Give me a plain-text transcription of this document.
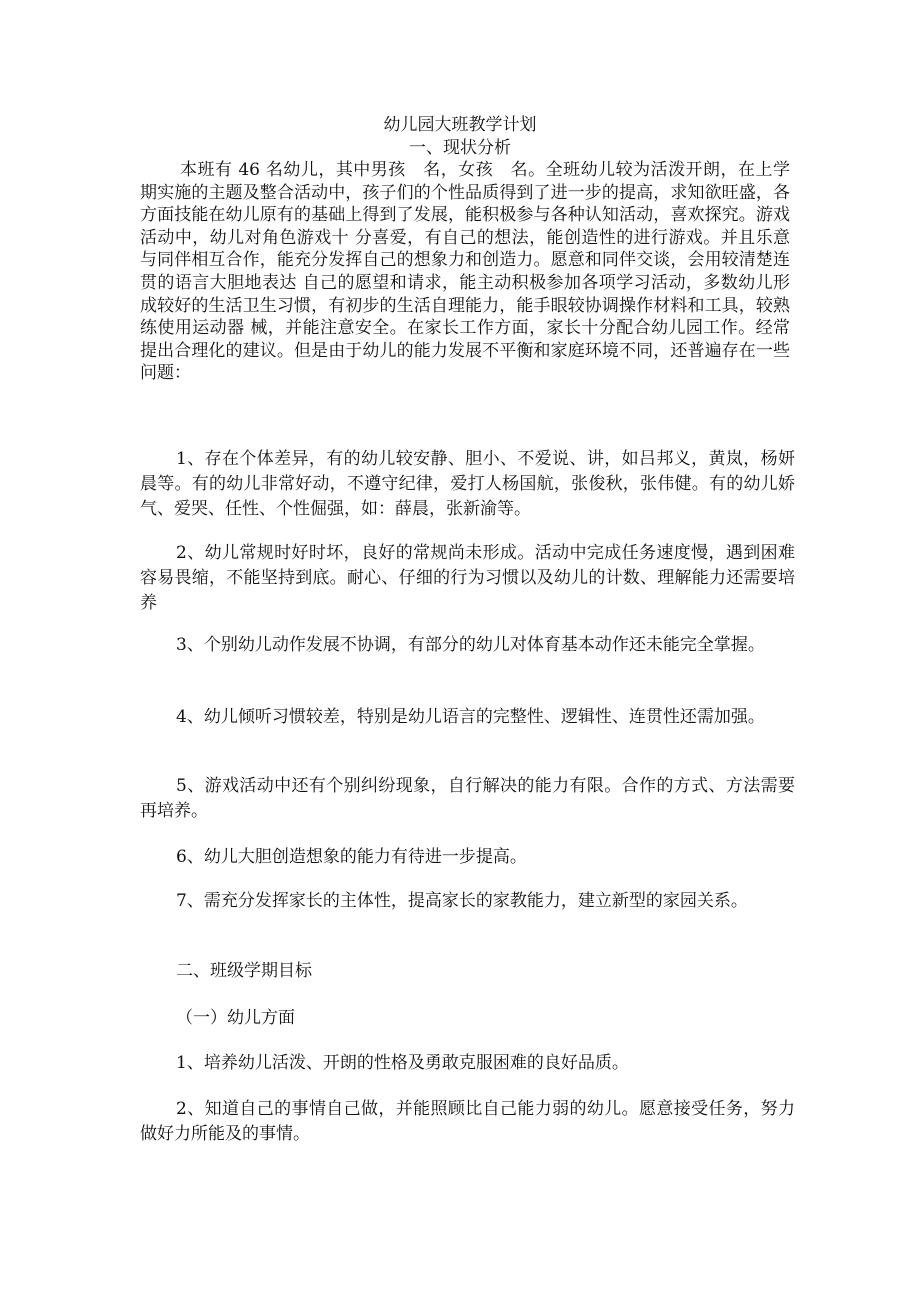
幼儿园大班教学计划
一、现状分析

本班有 46 名幼儿，其中男孩　名，女孩　名。全班幼儿较为活泼开朗，在上学期实施的主题及整合活动中，孩子们的个性品质得到了进一步的提高，求知欲旺盛，各方面技能在幼儿原有的基础上得到了发展，能积极参与各种认知活动，喜欢探究。游戏活动中，幼儿对角色游戏十 分喜爱，有自己的想法，能创造性的进行游戏。并且乐意与同伴相互合作，能充分发挥自己的想象力和创造力。愿意和同伴交谈，会用较清楚连贯的语言大胆地表达 自己的愿望和请求，能主动积极参加各项学习活动，多数幼儿形成较好的生活卫生习惯，有初步的生活自理能力，能手眼较协调操作材料和工具，较熟练使用运动器 械，并能注意安全。在家长工作方面，家长十分配合幼儿园工作。经常提出合理化的建议。但是由于幼儿的能力发展不平衡和家庭环境不同，还普遍存在一些问题：

1、存在个体差异，有的幼儿较安静、胆小、不爱说、讲，如吕邦义，黄岚，杨妍晨等。有的幼儿非常好动，不遵守纪律，爱打人杨国航，张俊秋，张伟健。有的幼儿娇气、爱哭、任性、个性倔强，如：薛晨，张新渝等。

2、幼儿常规时好时坏，良好的常规尚未形成。活动中完成任务速度慢，遇到困难容易畏缩，不能坚持到底。耐心、仔细的行为习惯以及幼儿的计数、理解能力还需要培养

3、个别幼儿动作发展不协调，有部分的幼儿对体育基本动作还未能完全掌握。

4、幼儿倾听习惯较差，特别是幼儿语言的完整性、逻辑性、连贯性还需加强。

5、游戏活动中还有个别纠纷现象，自行解决的能力有限。合作的方式、方法需要再培养。

6、幼儿大胆创造想象的能力有待进一步提高。

7、需充分发挥家长的主体性，提高家长的家教能力，建立新型的家园关系。

二、班级学期目标

（一）幼儿方面

1、培养幼儿活泼、开朗的性格及勇敢克服困难的良好品质。

2、知道自己的事情自己做，并能照顾比自己能力弱的幼儿。愿意接受任务，努力做好力所能及的事情。
